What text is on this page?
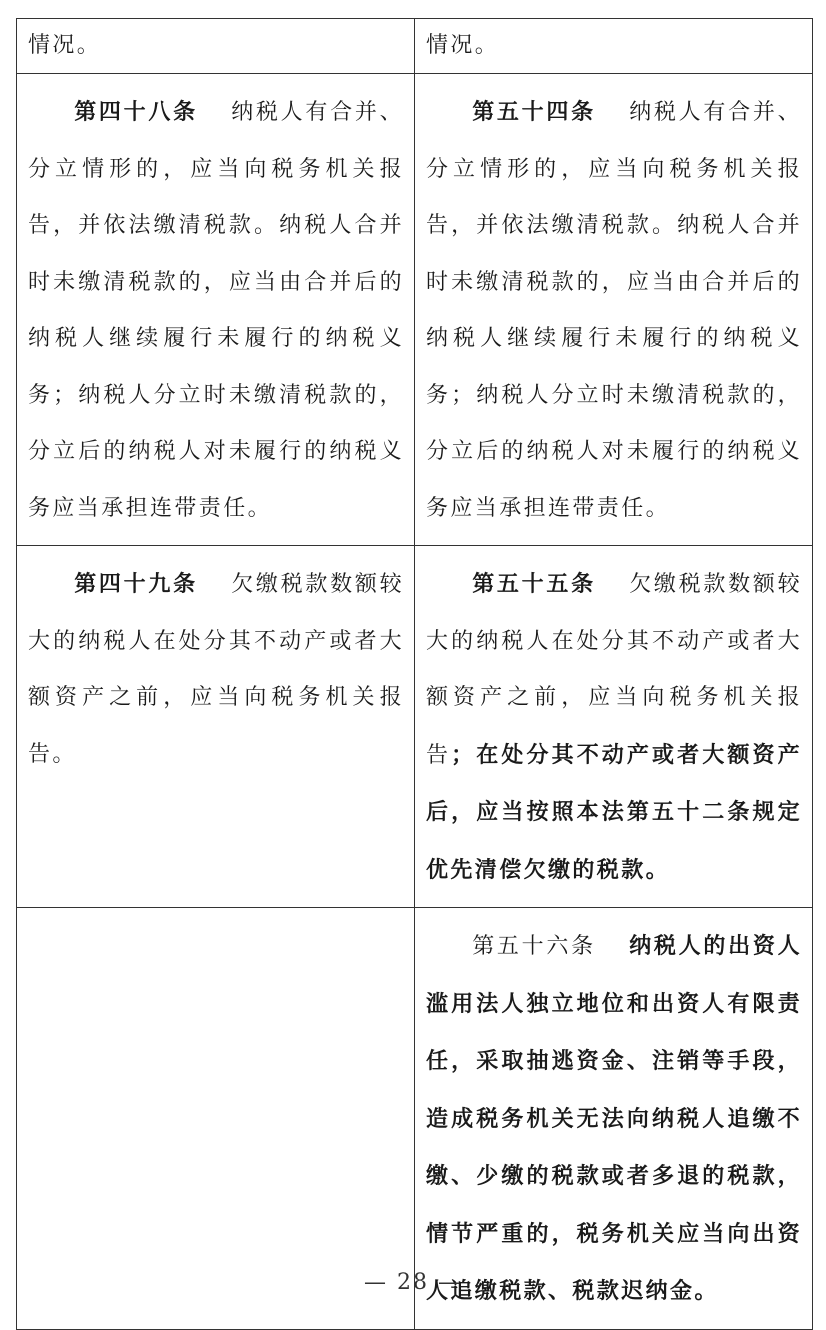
情况。	情况。
第四十八条 纳税人有合并、分立情形的，应当向税务机关报告，并依法缴清税款。纳税人合并时未缴清税款的，应当由合并后的纳税人继续履行未履行的纳税义务；纳税人分立时未缴清税款的，分立后的纳税人对未履行的纳税义务应当承担连带责任。	第五十四条 纳税人有合并、分立情形的，应当向税务机关报告，并依法缴清税款。纳税人合并时未缴清税款的，应当由合并后的纳税人继续履行未履行的纳税义务；纳税人分立时未缴清税款的，分立后的纳税人对未履行的纳税义务应当承担连带责任。
第四十九条 欠缴税款数额较大的纳税人在处分其不动产或者大额资产之前，应当向税务机关报告。	第五十五条 欠缴税款数额较大的纳税人在处分其不动产或者大额资产之前，应当向税务机关报告；在处分其不动产或者大额资产后，应当按照本法第五十二条规定优先清偿欠缴的税款。
	第五十六条 纳税人的出资人滥用法人独立地位和出资人有限责任，采取抽逃资金、注销等手段，造成税务机关无法向纳税人追缴不缴、少缴的税款或者多退的税款，情节严重的，税务机关应当向出资人追缴税款、税款迟纳金。
— 28 —
